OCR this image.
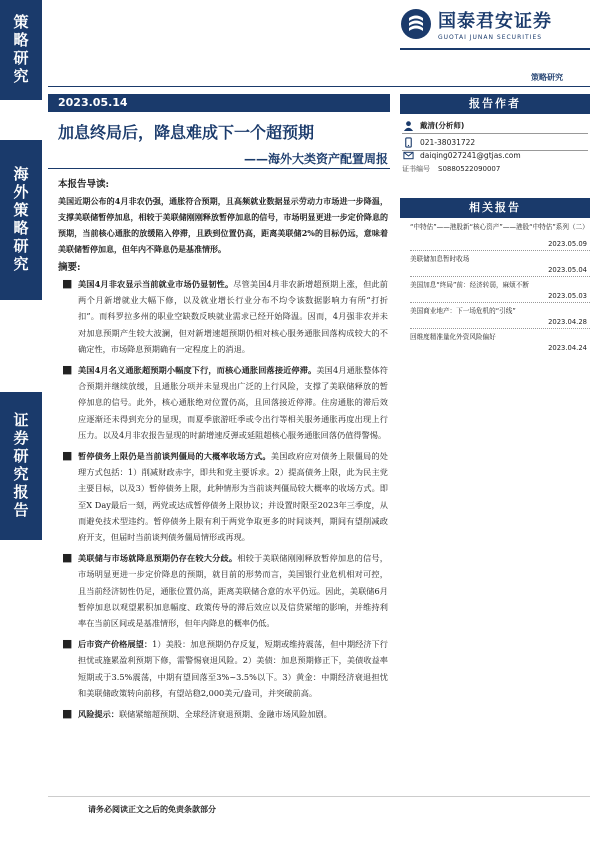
策略研究
海外策略研究
证券研究报告
国泰君安证券
GUOTAI JUNAN SECURITIES
策略研究
2023.05.14
加息终局后，降息难成下一个超预期
——海外大类资产配置周报
本报告导读:
美国近期公布的4月非农仍强，通胀符合预期，且高频就业数据显示劳动力市场进一步降温，支撑美联储暂停加息，相较于美联储刚刚释放暂停加息的信号，市场明显更进一步定价降息的预期，当前核心通胀的放缓陷入停滞，且跌到位置仍高，距离美联储2%的目标仍远，意味着美联储暂停加息，但年内不降息仍是基准情形。
摘要:
■ 美国4月非农显示当前就业市场仍显韧性。尽管美国4月非农新增超预期上涨，但此前两个月新增就业大幅下修，以及就业增长行业分布不均令该数据影响力有所“打折扣”。而科罗拉多州的职业空缺数反映就业需求已经开始降温。因而，4月强非农并未对加息预期产生较大波澜，但对新增速超预期仍相对核心服务通胀回落构成较大的不确定性，市场降息预期确有一定程度上的消退。
■ 美国4月名义通胀超预期小幅度下行，而核心通胀回落接近停滞。美国4月通胀整体符合预期并继续放缓，且通胀分项并未显现出广泛的上行风险，支撑了美联储释放的暂停加息的信号。此外，核心通胀绝对位置仍高，且回落接近停滞。住房通胀的滞后效应逐渐还未得到充分的显现，而夏季旅游旺季或令出行等相关服务通胀再度出现上行压力。以及4月非农报告显现的时薪增速反弹或延阻超核心服务通胀回落仍值得警惕。
■ 暂停债务上限仍是当前谈判僵局的大概率收场方式。美国政府应对债务上限僵局的处理方式包括：1）削减财政赤字，即共和党主要诉求。2）提高债务上限，此为民主党主要目标，以及3）暂停债务上限，此种情形为当前谈判僵局较大概率的收场方式。即至X Day最后一刻，两党或达成暂停债务上限协议；并设置时限至2023年三季度，从而避免技术型违约。暂停债务上限有利于两党争取更多的时间谈判，期间有望削减政府开支，但届时当前谈判债务僵局情形或再现。
■ 美联储与市场就降息预期仍存在较大分歧。相较于美联储刚刚释放暂停加息的信号，市场明显更进一步定价降息的预期，就目前的形势而言，美国银行业危机相对可控，且当前经济韧性仍足，通胀位置仍高，距离美联储合意的水平仍远。因此，美联储6月暂停加息以观望累积加息幅度、政策传导的滞后效应以及信贷紧缩的影响，并维持利率在当前区间或是基准情形，但年内降息的概率仍低。
■ 后市资产价格展望：1）美股：加息预期仍存反复，短期或维持震荡，但中期经济下行担忧或施累盈利预期下修，需警惕衰退风险。2）美债：加息预期修正下，美债收益率短期或于3.5%震荡，中期有望回落至3%~3.5%以下。3）黄金：中期经济衰退担忧和美联储政策转向前移，有望站稳2,000美元/盎司，并突破前高。
■ 风险提示：联储紧缩超预期、全球经济衰退预期、金融市场风险加剧。
报告作者
戴清(分析师)
021-38031722
daiqing027241@gtjas.com
证书编号 S0880522090007
相关报告
“中特估”——港股新“核心资产”——港股“中特估”系列（二）
2023.05.09
美联储加息暂时收场
2023.05.04
美国加息“终局”前：经济转弱，麻烦不断
2023.05.03
美国商业地产：下一场危机的“引线”
2023.04.28
回维度精准量化外资风险偏好
2023.04.24
请务必阅读正文之后的免责条款部分
